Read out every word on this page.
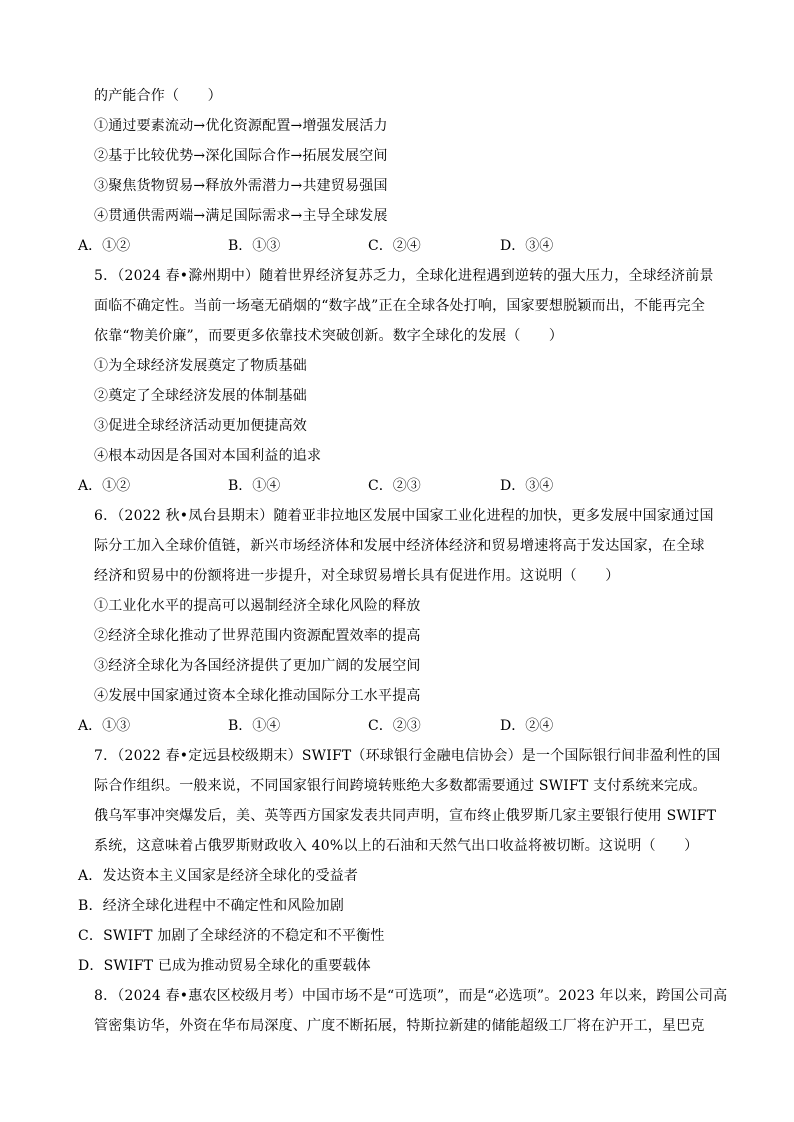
的产能合作（　　）
①通过要素流动→优化资源配置→增强发展活力
②基于比较优势→深化国际合作→拓展发展空间
③聚焦货物贸易→释放外需潜力→共建贸易强国
④贯通供需两端→满足国际需求→主导全球发展
A．①②	B．①③	C．②④	D．③④
5．（2024 春•滁州期中）随着世界经济复苏乏力，全球化进程遇到逆转的强大压力，全球经济前景
面临不确定性。当前一场毫无硝烟的“数字战”正在全球各处打响，国家要想脱颖而出，不能再完全
依靠“物美价廉”，而要更多依靠技术突破创新。数字全球化的发展（　　）
①为全球经济发展奠定了物质基础
②奠定了全球经济发展的体制基础
③促进全球经济活动更加便捷高效
④根本动因是各国对本国利益的追求
A．①②	B．①④	C．②③	D．③④
6．（2022 秋•凤台县期末）随着亚非拉地区发展中国家工业化进程的加快，更多发展中国家通过国
际分工加入全球价值链，新兴市场经济体和发展中经济体经济和贸易增速将高于发达国家，在全球
经济和贸易中的份额将进一步提升，对全球贸易增长具有促进作用。这说明（　　）
①工业化水平的提高可以遏制经济全球化风险的释放
②经济全球化推动了世界范围内资源配置效率的提高
③经济全球化为各国经济提供了更加广阔的发展空间
④发展中国家通过资本全球化推动国际分工水平提高
A．①③	B．①④	C．②③	D．②④
7．（2022 春•定远县校级期末）SWIFT（环球银行金融电信协会）是一个国际银行间非盈利性的国
际合作组织。一般来说，不同国家银行间跨境转账绝大多数都需要通过 SWIFT 支付系统来完成。
俄乌军事冲突爆发后，美、英等西方国家发表共同声明，宣布终止俄罗斯几家主要银行使用 SWIFT
系统，这意味着占俄罗斯财政收入 40%以上的石油和天然气出口收益将被切断。这说明（　　）
A．发达资本主义国家是经济全球化的受益者
B．经济全球化进程中不确定性和风险加剧
C．SWIFT 加剧了全球经济的不稳定和不平衡性
D．SWIFT 已成为推动贸易全球化的重要载体
8．（2024 春•惠农区校级月考）中国市场不是“可选项”，而是“必选项”。2023 年以来，跨国公司高
管密集访华，外资在华布局深度、广度不断拓展，特斯拉新建的储能超级工厂将在沪开工，星巴克
